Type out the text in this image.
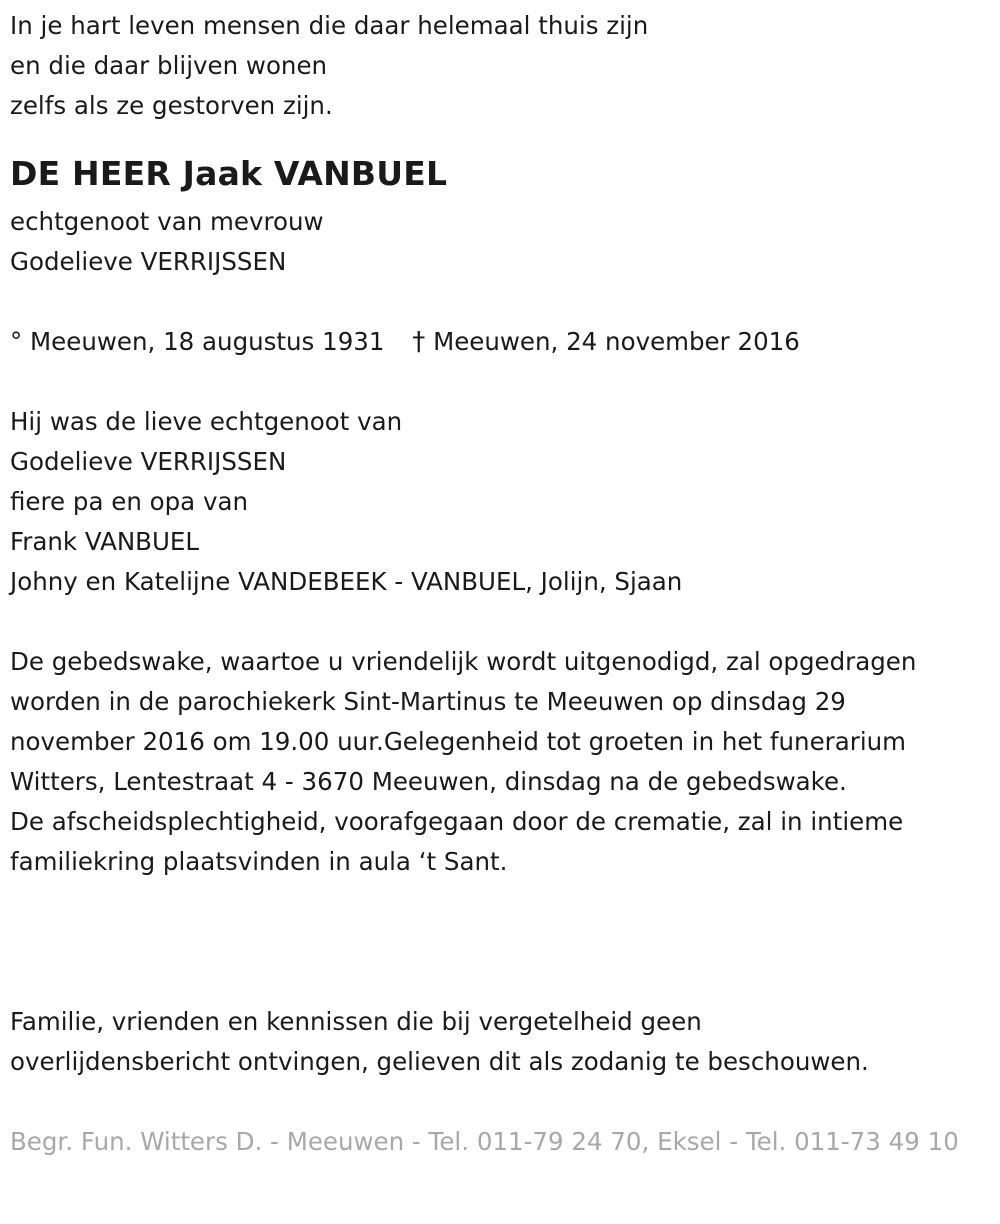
In je hart leven mensen die daar helemaal thuis zijn
en die daar blijven wonen
zelfs als ze gestorven zijn.
DE HEER Jaak VANBUEL
echtgenoot van mevrouw
Godelieve VERRIJSSEN
° Meeuwen, 18 augustus 1931 † Meeuwen, 24 november 2016
Hij was de lieve echtgenoot van
Godelieve VERRIJSSEN
fiere pa en opa van
Frank VANBUEL
Johny en Katelijne VANDEBEEK - VANBUEL, Jolijn, Sjaan
De gebedswake, waartoe u vriendelijk wordt uitgenodigd, zal opgedragen
worden in de parochiekerk Sint-Martinus te Meeuwen op dinsdag 29
november 2016 om 19.00 uur.Gelegenheid tot groeten in het funerarium
Witters, Lentestraat 4 - 3670 Meeuwen, dinsdag na de gebedswake.
De afscheidsplechtigheid, voorafgegaan door de crematie, zal in intieme
familiekring plaatsvinden in aula ‘t Sant.
Familie, vrienden en kennissen die bij vergetelheid geen
overlijdensbericht ontvingen, gelieven dit als zodanig te beschouwen.
Begr. Fun. Witters D. - Meeuwen - Tel. 011-79 24 70, Eksel - Tel. 011-73 49 10
